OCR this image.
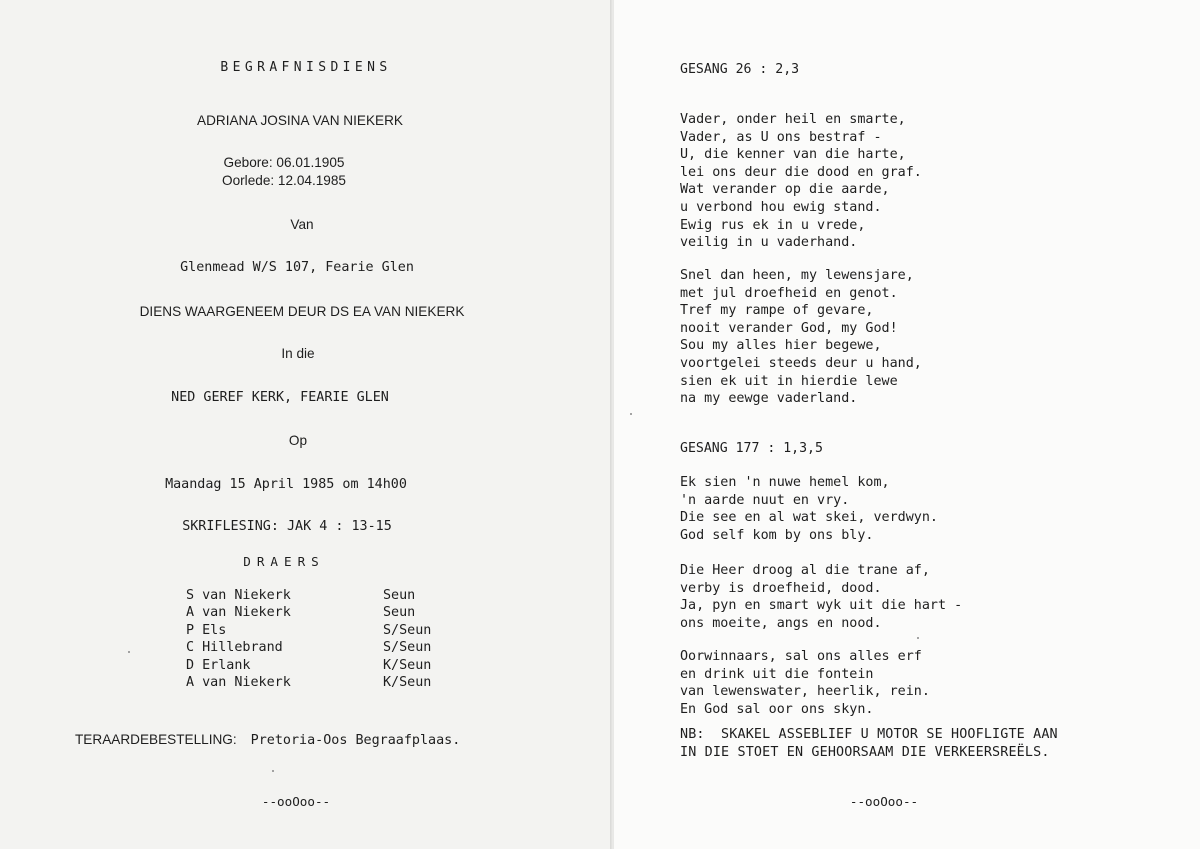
BEGRAFNISDIENS
ADRIANA JOSINA VAN NIEKERK
Gebore: 06.01.1905
Oorlede: 12.04.1985
Van
Glenmead W/S 107, Fearie Glen
DIENS WAARGENEEM DEUR DS EA VAN NIEKERK
In die
NED GEREF KERK, FEARIE GLEN
Op
Maandag 15 April 1985 om 14h00
SKRIFLESING: JAK 4 : 13-15
DRAERS
S van Niekerk	Seun
A van Niekerk	Seun
P Els	S/Seun
C Hillebrand	S/Seun
D Erlank	K/Seun
A van Niekerk	K/Seun
TERAARDEBESTELLING: Pretoria-Oos Begraafplaas.
--ooOoo--
GESANG 26 : 2,3
Vader, onder heil en smarte,
Vader, as U ons bestraf -
U, die kenner van die harte,
lei ons deur die dood en graf.
Wat verander op die aarde,
u verbond hou ewig stand.
Ewig rus ek in u vrede,
veilig in u vaderhand.
Snel dan heen, my lewensjare,
met jul droefheid en genot.
Tref my rampe of gevare,
nooit verander God, my God!
Sou my alles hier begewe,
voortgelei steeds deur u hand,
sien ek uit in hierdie lewe
na my eewge vaderland.
GESANG 177 : 1,3,5
Ek sien 'n nuwe hemel kom,
'n aarde nuut en vry.
Die see en al wat skei, verdwyn.
God self kom by ons bly.
Die Heer droog al die trane af,
verby is droefheid, dood.
Ja, pyn en smart wyk uit die hart -
ons moeite, angs en nood.
Oorwinnaars, sal ons alles erf
en drink uit die fontein
van lewenswater, heerlik, rein.
En God sal oor ons skyn.
NB:  SKAKEL ASSEBLIEF U MOTOR SE HOOFLIGTE AAN
IN DIE STOET EN GEHOORSAAM DIE VERKEERSREËLS.
--ooOoo--
